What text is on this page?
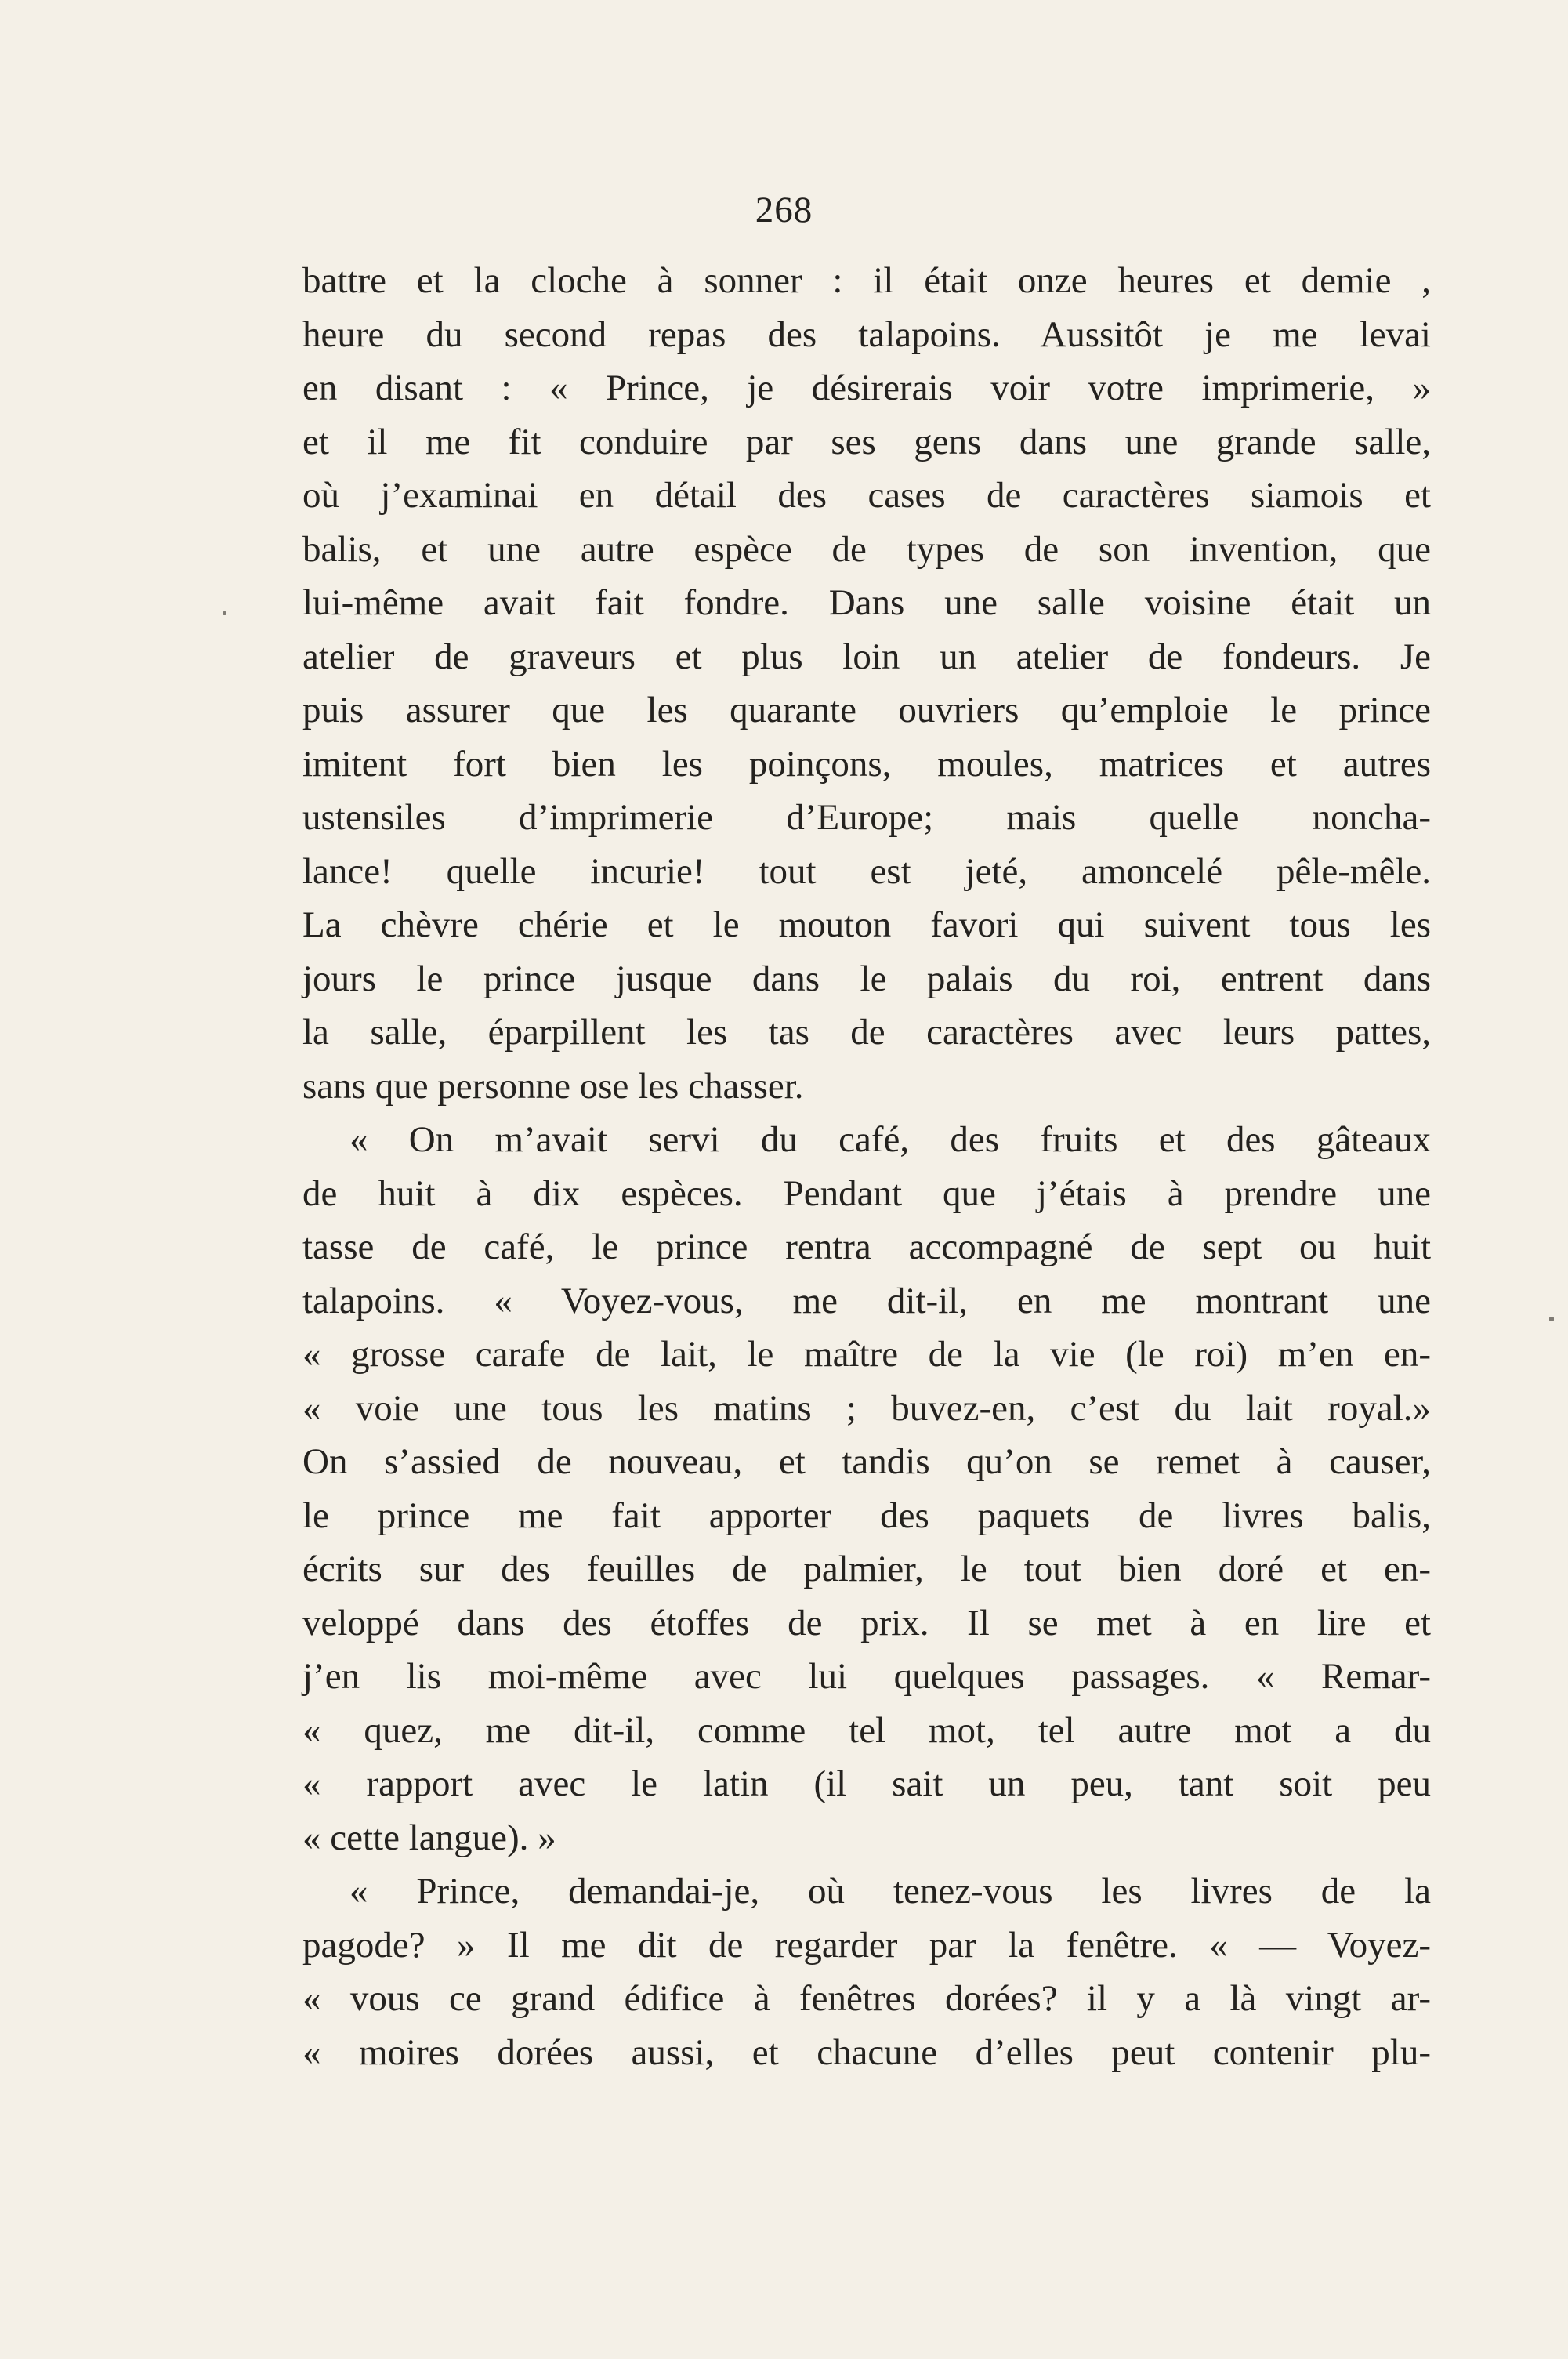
268
battre et la cloche à sonner : il était onze heures et demie ,
heure du second repas des talapoins. Aussitôt je me levai
en disant : « Prince, je désirerais voir votre imprimerie, »
et il me fit conduire par ses gens dans une grande salle,
où j’examinai en détail des cases de caractères siamois et
balis, et une autre espèce de types de son invention, que
lui-même avait fait fondre. Dans une salle voisine était un
atelier de graveurs et plus loin un atelier de fondeurs. Je
puis assurer que les quarante ouvriers qu’emploie le prince
imitent fort bien les poinçons, moules, matrices et autres
ustensiles d’imprimerie d’Europe; mais quelle noncha-
lance! quelle incurie! tout est jeté, amoncelé pêle-mêle.
La chèvre chérie et le mouton favori qui suivent tous les
jours le prince jusque dans le palais du roi, entrent dans
la salle, éparpillent les tas de caractères avec leurs pattes,
sans que personne ose les chasser.
« On m’avait servi du café, des fruits et des gâteaux
de huit à dix espèces. Pendant que j’étais à prendre une
tasse de café, le prince rentra accompagné de sept ou huit
talapoins. « Voyez-vous, me dit-il, en me montrant une
« grosse carafe de lait, le maître de la vie (le roi) m’en en-
« voie une tous les matins ; buvez-en, c’est du lait royal.»
On s’assied de nouveau, et tandis qu’on se remet à causer,
le prince me fait apporter des paquets de livres balis,
écrits sur des feuilles de palmier, le tout bien doré et en-
veloppé dans des étoffes de prix. Il se met à en lire et
j’en lis moi-même avec lui quelques passages. « Remar-
« quez, me dit-il, comme tel mot, tel autre mot a du
« rapport avec le latin (il sait un peu, tant soit peu
« cette langue). »
« Prince, demandai-je, où tenez-vous les livres de la
pagode? » Il me dit de regarder par la fenêtre. « — Voyez-
« vous ce grand édifice à fenêtres dorées? il y a là vingt ar-
« moires dorées aussi, et chacune d’elles peut contenir plu-
